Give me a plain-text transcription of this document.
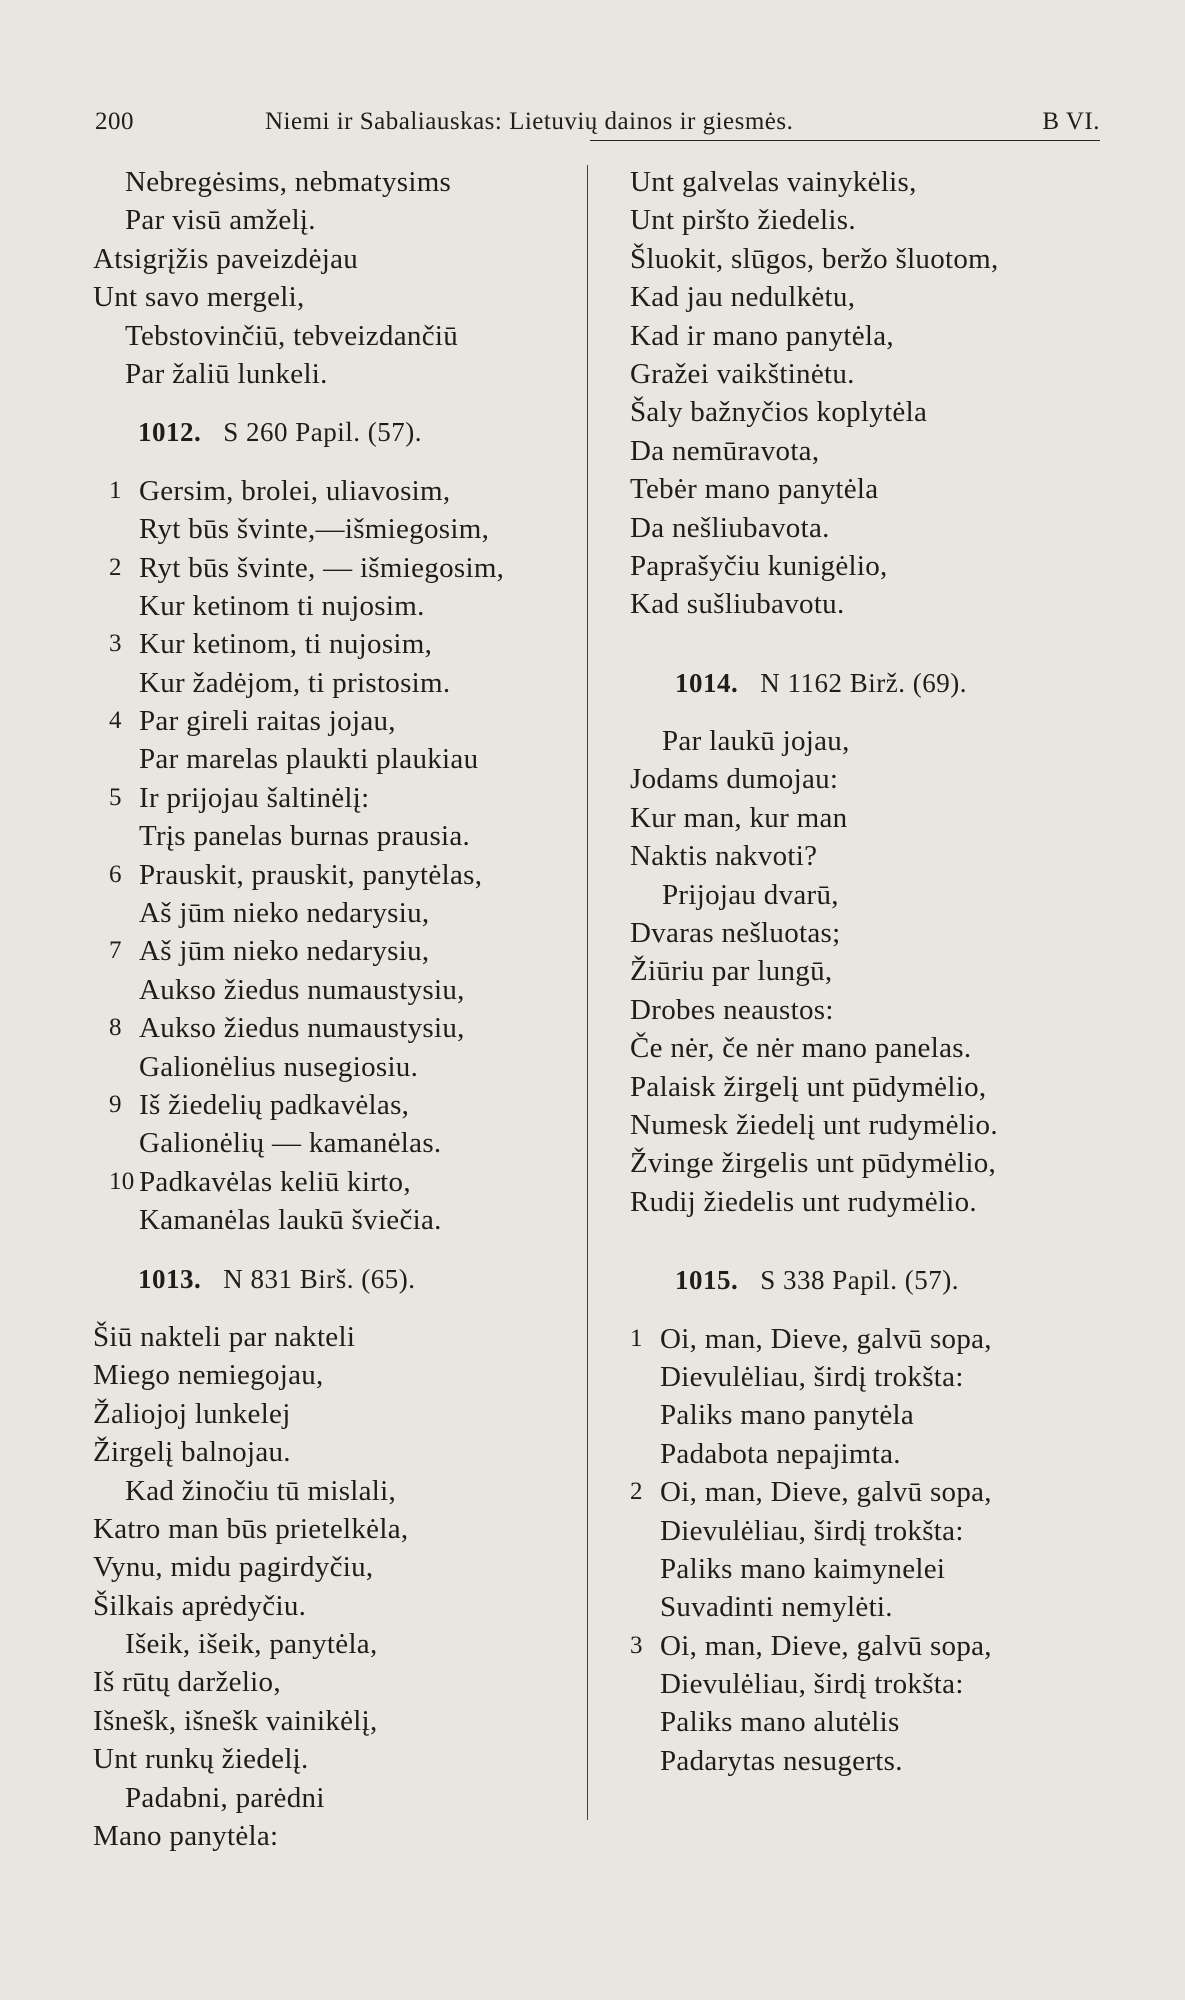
200	Niemi ir Sabaliauskas: Lietuvių dainos ir giesmės.	B VI.
Nebregėsims, nebmatysims
Par visū amželį.
Atsigrįžis paveizdėjau
Unt savo mergeli,
Tebstovinčiū, tebveizdančiū
Par žaliū lunkeli.
1012. S 260 Papil. (57).
1 Gersim, brolei, uliavosim,
Ryt būs švinte,—išmiegosim,
2 Ryt būs švinte, — išmiegosim,
Kur ketinom ti nujosim.
3 Kur ketinom, ti nujosim,
Kur žadėjom, ti pristosim.
4 Par gireli raitas jojau,
Par marelas plaukti plaukiau
5 Ir prijojau šaltinėlį:
Trįs panelas burnas prausia.
6 Prauskit, prauskit, panytėlas,
Aš jūm nieko nedarysiu,
7 Aš jūm nieko nedarysiu,
Aukso žiedus numaustysiu,
8 Aukso žiedus numaustysiu,
Galionėlius nusegiosiu.
9 Iš žiedelių padkavėlas,
Galionėlių — kamanėlas.
10 Padkavėlas keliū kirto,
Kamanėlas laukū šviečia.
1013. N 831 Birš. (65).
Šiū nakteli par nakteli
Miego nemiegojau,
Žaliojoj lunkelej
Žirgelį balnojau.
Kad žinočiu tū mislali,
Katro man būs prietelkėla,
Vynu, midu pagirdyčiu,
Šilkais aprėdyčiu.
Išeik, išeik, panytėla,
Iš rūtų darželio,
Išnešk, išnešk vainikėlį,
Unt runkų žiedelį.
Padabni, parėdni
Mano panytėla:
Unt galvelas vainykėlis,
Unt piršto žiedelis.
Šluokit, slūgos, beržo šluotom,
Kad jau nedulkėtu,
Kad ir mano panytėla,
Gražei vaikštinėtu.
Šaly bažnyčios koplytėla
Da nemūravota,
Tebėr mano panytėla
Da nešliubavota.
Paprašyčiu kunigėlio,
Kad sušliubavotu.
1014. N 1162 Birž. (69).
Par laukū jojau,
Jodams dumojau:
Kur man, kur man
Naktis nakvoti?
Prijojau dvarū,
Dvaras nešluotas;
Žiūriu par lungū,
Drobes neaustos:
Če nėr, če nėr mano panelas.
Palaisk žirgelį unt pūdymėlio,
Numesk žiedelį unt rudymėlio.
Žvinge žirgelis unt pūdymėlio,
Rudij žiedelis unt rudymėlio.
1015. S 338 Papil. (57).
1 Oi, man, Dieve, galvū sopa,
Dievulėliau, širdį trokšta:
Paliks mano panytėla
Padabota nepajimta.
2 Oi, man, Dieve, galvū sopa,
Dievulėliau, širdį trokšta:
Paliks mano kaimynelei
Suvadinti nemylėti.
3 Oi, man, Dieve, galvū sopa,
Dievulėliau, širdį trokšta:
Paliks mano alutėlis
Padarytas nesugerts.
